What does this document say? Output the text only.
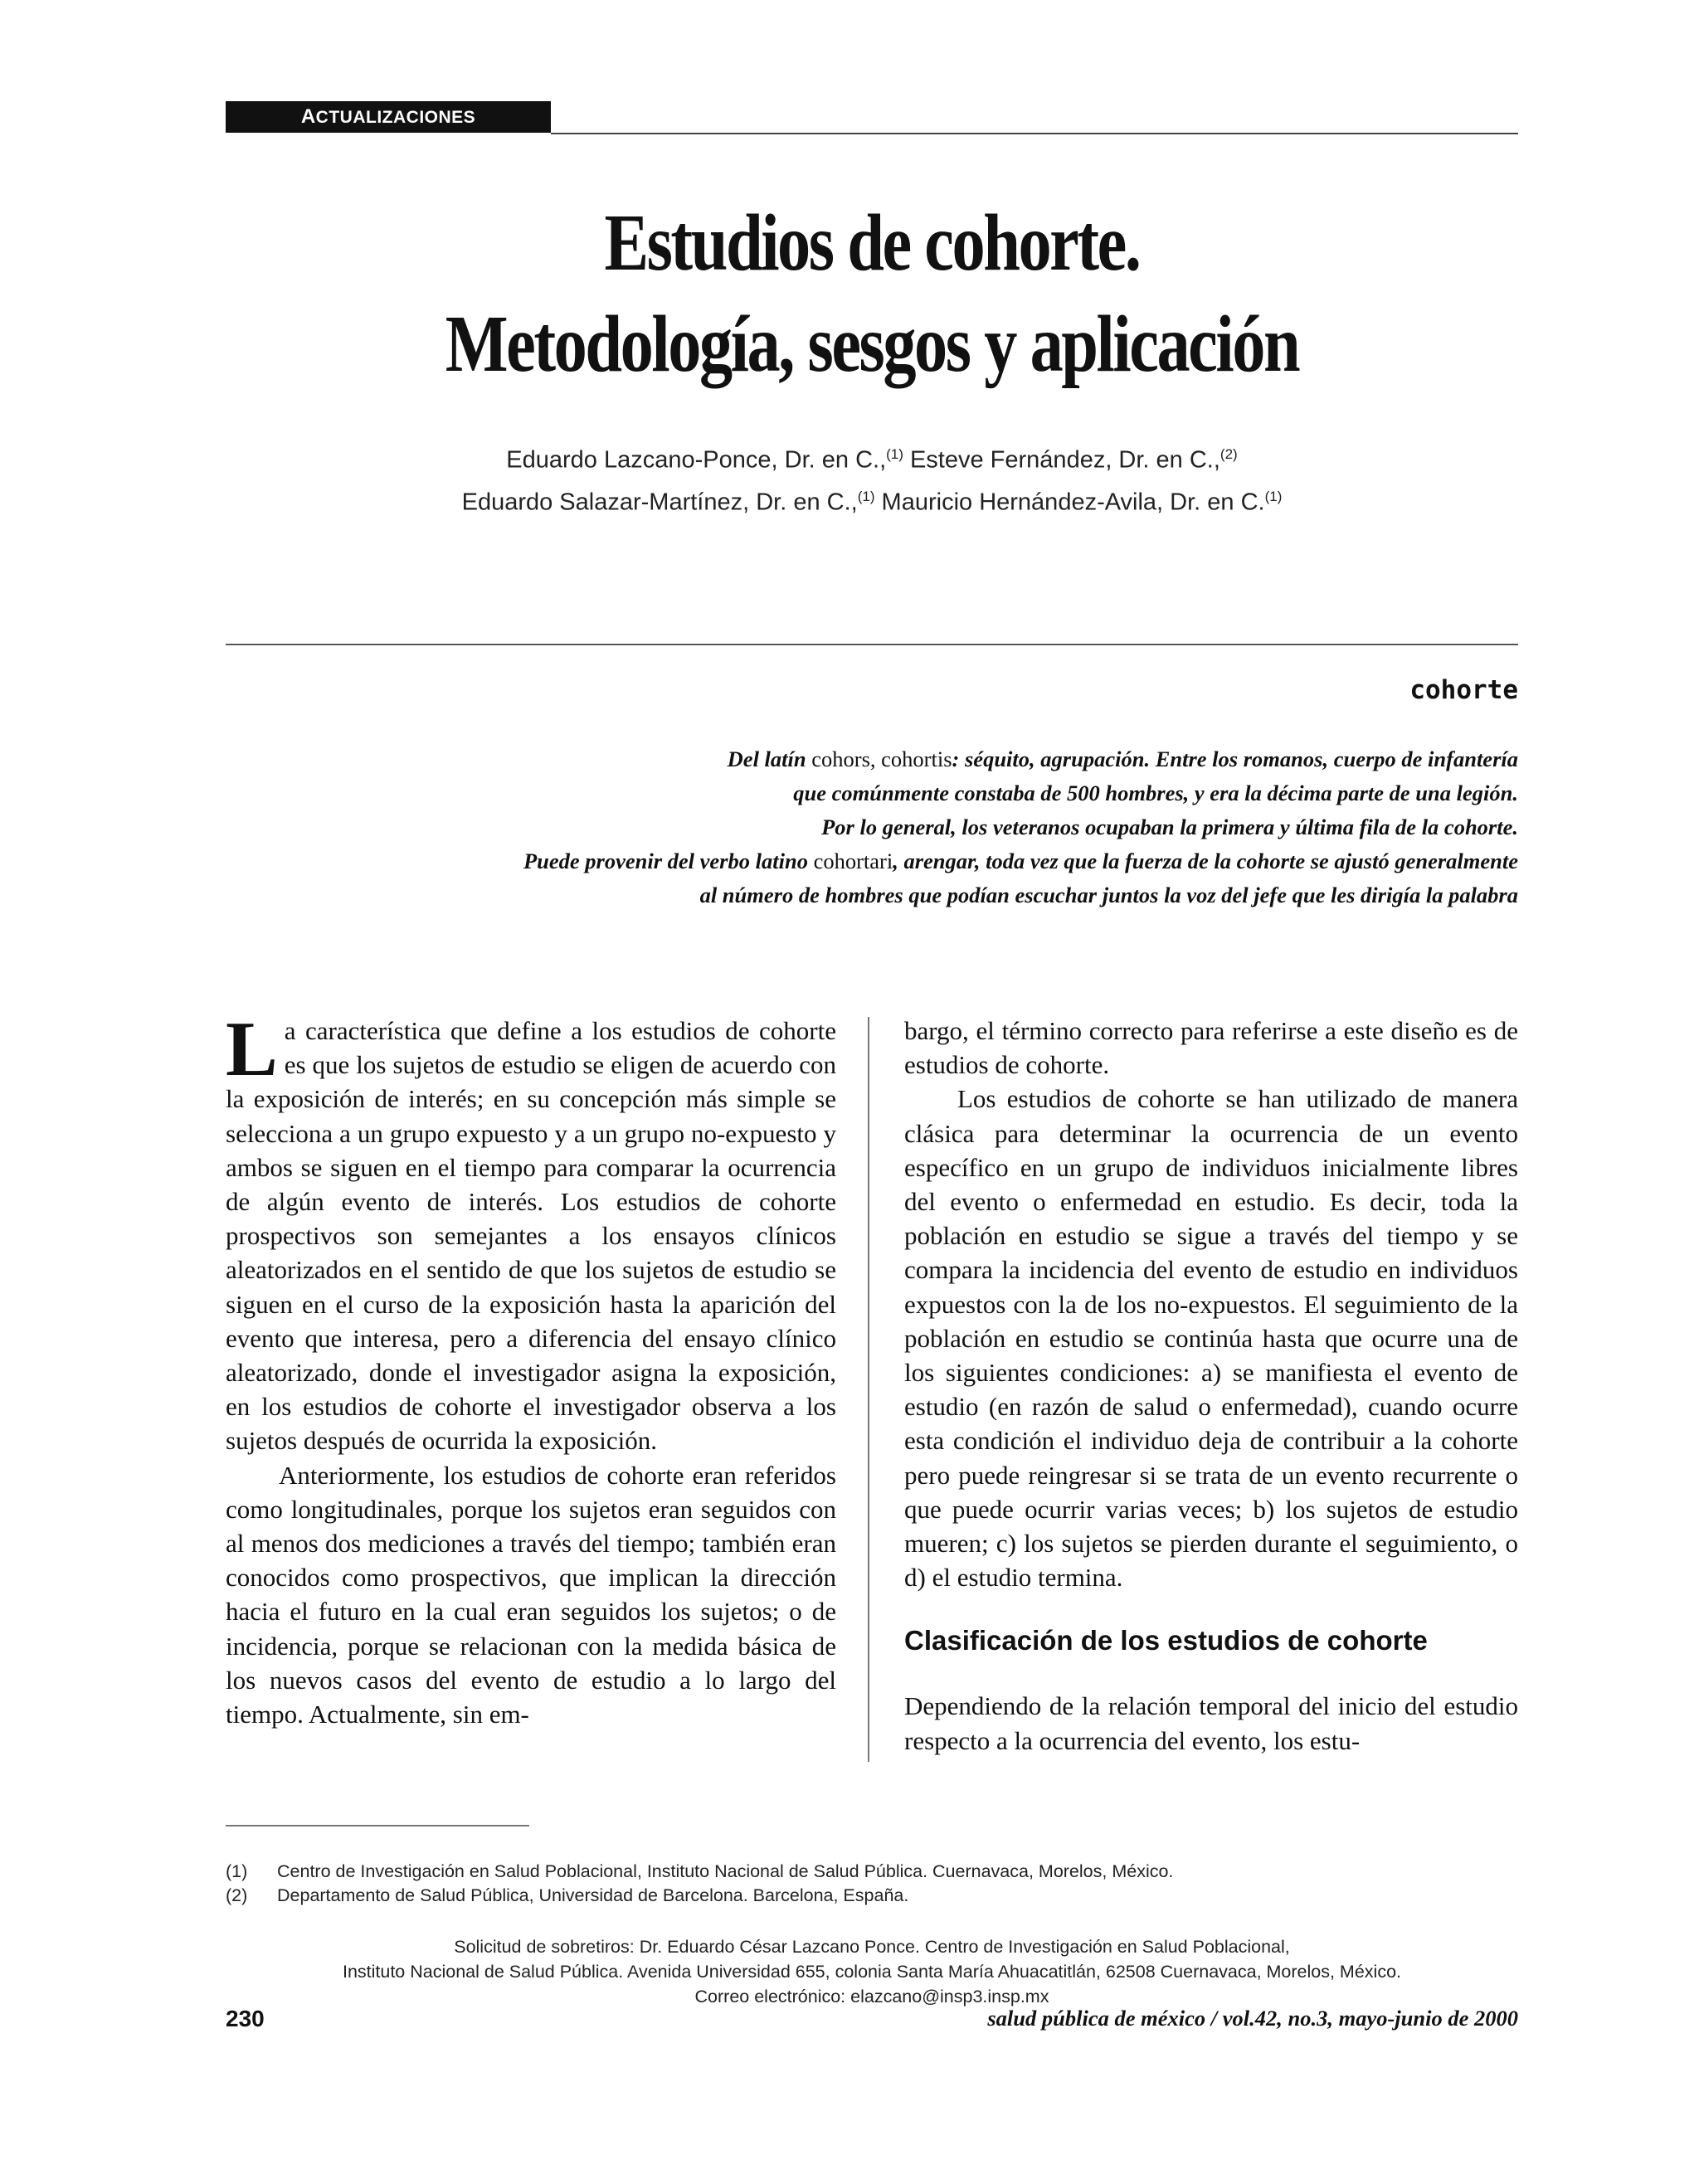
ACTUALIZACIONES
Estudios de cohorte.
Metodología, sesgos y aplicación
Eduardo Lazcano-Ponce, Dr. en C.,$^{(1)}$ Esteve Fernández, Dr. en C.,$^{(2)}$
Eduardo Salazar-Martínez, Dr. en C.,$^{(1)}$ Mauricio Hernández-Avila, Dr. en C.$^{(1)}$
cohorte
Del latín cohors, cohortis: séquito, agrupación. Entre los romanos, cuerpo de infantería
que comúnmente constaba de 500 hombres, y era la décima parte de una legión.
Por lo general, los veteranos ocupaban la primera y última fila de la cohorte.
Puede provenir del verbo latino cohortari, arengar, toda vez que la fuerza de la cohorte se ajustó generalmente
al número de hombres que podían escuchar juntos la voz del jefe que les dirigía la palabra

La característica que define a los estudios de cohorte es que los sujetos de estudio se eligen de acuerdo con la exposición de interés; en su concepción más simple se selecciona a un grupo expuesto y a un grupo no-expuesto y ambos se siguen en el tiempo para comparar la ocurrencia de algún evento de interés. Los estudios de cohorte prospectivos son semejantes a los ensayos clínicos aleatorizados en el sentido de que los sujetos de estudio se siguen en el curso de la exposición hasta la aparición del evento que interesa, pero a diferencia del ensayo clínico aleatorizado, donde el investigador asigna la exposición, en los estudios de cohorte el investigador observa a los sujetos después de ocurrida la exposición.

Anteriormente, los estudios de cohorte eran referidos como longitudinales, porque los sujetos eran seguidos con al menos dos mediciones a través del tiempo; también eran conocidos como prospectivos, que implican la dirección hacia el futuro en la cual eran seguidos los sujetos; o de incidencia, porque se relacionan con la medida básica de los nuevos casos del evento de estudio a lo largo del tiempo. Actualmente, sin em-

bargo, el término correcto para referirse a este diseño es de estudios de cohorte.

Los estudios de cohorte se han utilizado de manera clásica para determinar la ocurrencia de un evento específico en un grupo de individuos inicialmente libres del evento o enfermedad en estudio. Es decir, toda la población en estudio se sigue a través del tiempo y se compara la incidencia del evento de estudio en individuos expuestos con la de los no-expuestos. El seguimiento de la población en estudio se continúa hasta que ocurre una de los siguientes condiciones: a) se manifiesta el evento de estudio (en razón de salud o enfermedad), cuando ocurre esta condición el individuo deja de contribuir a la cohorte pero puede reingresar si se trata de un evento recurrente o que puede ocurrir varias veces; b) los sujetos de estudio mueren; c) los sujetos se pierden durante el seguimiento, o d) el estudio termina.

Clasificación de los estudios de cohorte

Dependiendo de la relación temporal del inicio del estudio respecto a la ocurrencia del evento, los estu-

(1)	Centro de Investigación en Salud Poblacional, Instituto Nacional de Salud Pública. Cuernavaca, Morelos, México.
(2)	Departamento de Salud Pública, Universidad de Barcelona. Barcelona, España.
Solicitud de sobretiros: Dr. Eduardo César Lazcano Ponce. Centro de Investigación en Salud Poblacional,
Instituto Nacional de Salud Pública. Avenida Universidad 655, colonia Santa María Ahuacatitlán, 62508 Cuernavaca, Morelos, México.
Correo electrónico: elazcano@insp3.insp.mx
230	salud pública de méxico / vol.42, no.3, mayo-junio de 2000
